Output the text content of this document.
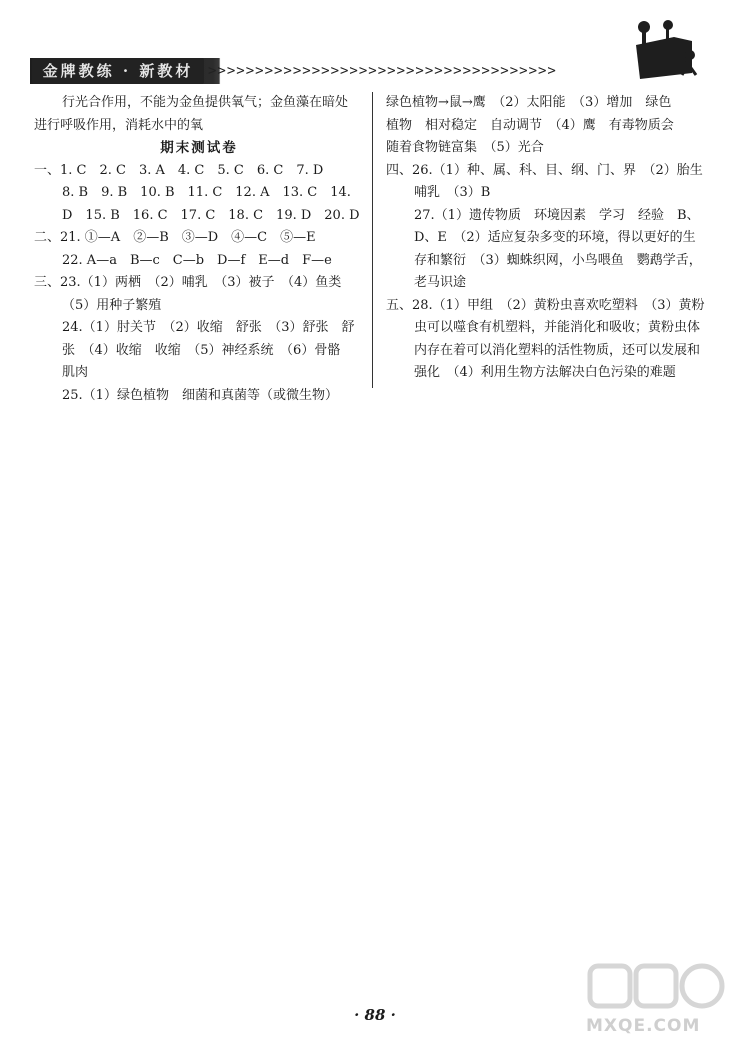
金牌教练 · 新教材	>>>>>>>>>>>>>>>>>>>>>>>>>>>>>>>>>>>>>
行光合作用，不能为金鱼提供氧气；金鱼藻在暗处
进行呼吸作用，消耗水中的氧
期末测试卷
一、1. C　2. C　3. A　4. C　5. C　6. C　7. D
8. B　9. B　10. B　11. C　12. A　13. C　14.
D　15. B　16. C　17. C　18. C　19. D　20. D
二、21. ①—A　②—B　③—D　④—C　⑤—E
22. A—a　B—c　C—b　D—f　E—d　F—e
三、23.（1）两栖　（2）哺乳　（3）被子　（4）鱼类
（5）用种子繁殖
24.（1）肘关节　（2）收缩　舒张　（3）舒张　舒
张　（4）收缩　收缩　（5）神经系统　（6）骨骼
肌肉
25.（1）绿色植物　细菌和真菌等（或微生物）
绿色植物→鼠→鹰　（2）太阳能　（3）增加　绿色
植物　相对稳定　自动调节　（4）鹰　有毒物质会
随着食物链富集　（5）光合
四、26.（1）种、属、科、目、纲、门、界　（2）胎生
哺乳　（3）B
27.（1）遗传物质　环境因素　学习　经验　B、
D、E　（2）适应复杂多变的环境，得以更好的生
存和繁衍　（3）蜘蛛织网，小鸟喂鱼　鹦鹉学舌，
老马识途
五、28.（1）甲组　（2）黄粉虫喜欢吃塑料　（3）黄粉
虫可以噬食有机塑料，并能消化和吸收；黄粉虫体
内存在着可以消化塑料的活性物质，还可以发展和
强化　（4）利用生物方法解决白色污染的难题
· 88 ·
MXQE.COM
